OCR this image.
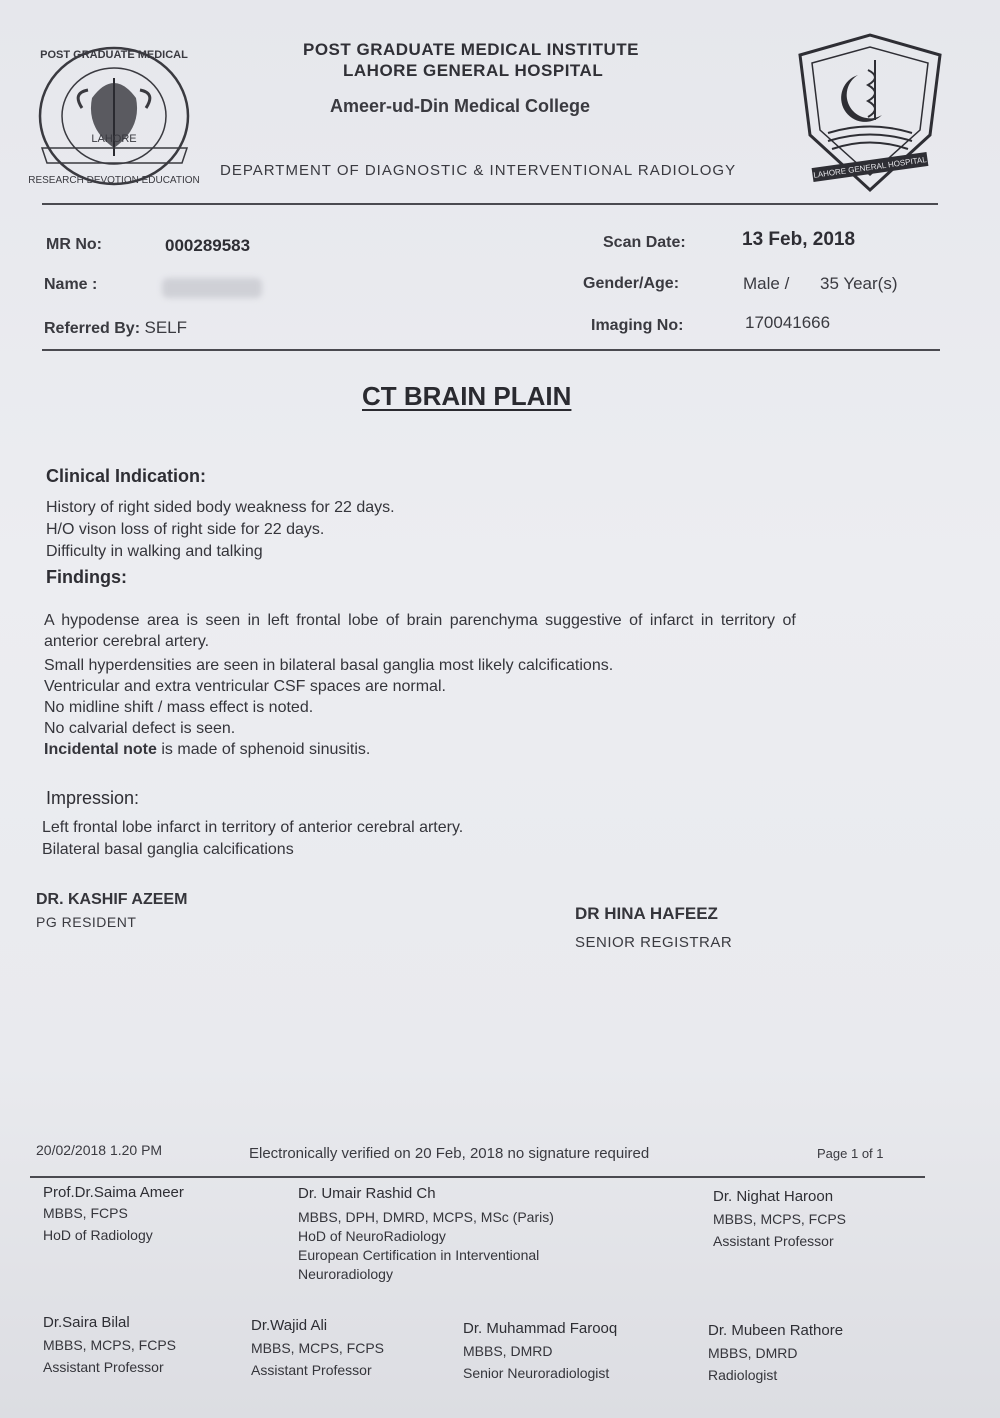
POST GRADUATE MEDICAL
LAHORE
RESEARCH DEVOTION EDUCATION
LAHORE GENERAL HOSPITAL
POST GRADUATE MEDICAL INSTITUTE
LAHORE GENERAL HOSPITAL
Ameer-ud-Din Medical College
DEPARTMENT OF DIAGNOSTIC & INTERVENTIONAL RADIOLOGY
MR No:	000289583
Name :
Referred By: SELF
Scan Date:	13 Feb, 2018
Gender/Age:	Male / 35 Year(s)
Imaging No:	170041666
CT BRAIN PLAIN
Clinical Indication:
History of right sided body weakness for 22 days.
H/O vison loss of right side for 22 days.
Difficulty in walking and talking
Findings:
A hypodense area is seen in left frontal lobe of brain parenchyma suggestive of infarct in territory of
anterior cerebral artery.
Small hyperdensities are seen in bilateral basal ganglia most likely calcifications.
Ventricular and extra ventricular CSF spaces are normal.
No midline shift / mass effect is noted.
No calvarial defect is seen.
Incidental note is made of sphenoid sinusitis.
Impression:
Left frontal lobe infarct in territory of anterior cerebral artery.
Bilateral basal ganglia calcifications
DR. KASHIF AZEEM
PG RESIDENT	DR HINA HAFEEZ
SENIOR REGISTRAR
20/02/2018 1.20 PM	Electronically verified on 20 Feb, 2018 no signature required	Page 1 of 1
Prof.Dr.Saima Ameer
MBBS, FCPS
HoD of Radiology
Dr. Umair Rashid Ch
MBBS, DPH, DMRD, MCPS, MSc (Paris)
HoD of NeuroRadiology
European Certification in Interventional
Neuroradiology
Dr. Nighat Haroon
MBBS, MCPS, FCPS
Assistant Professor
Dr.Saira Bilal
MBBS, MCPS, FCPS
Assistant Professor
Dr.Wajid Ali
MBBS, MCPS, FCPS
Assistant Professor
Dr. Muhammad Farooq
MBBS, DMRD
Senior Neuroradiologist
Dr. Mubeen Rathore
MBBS, DMRD
Radiologist
